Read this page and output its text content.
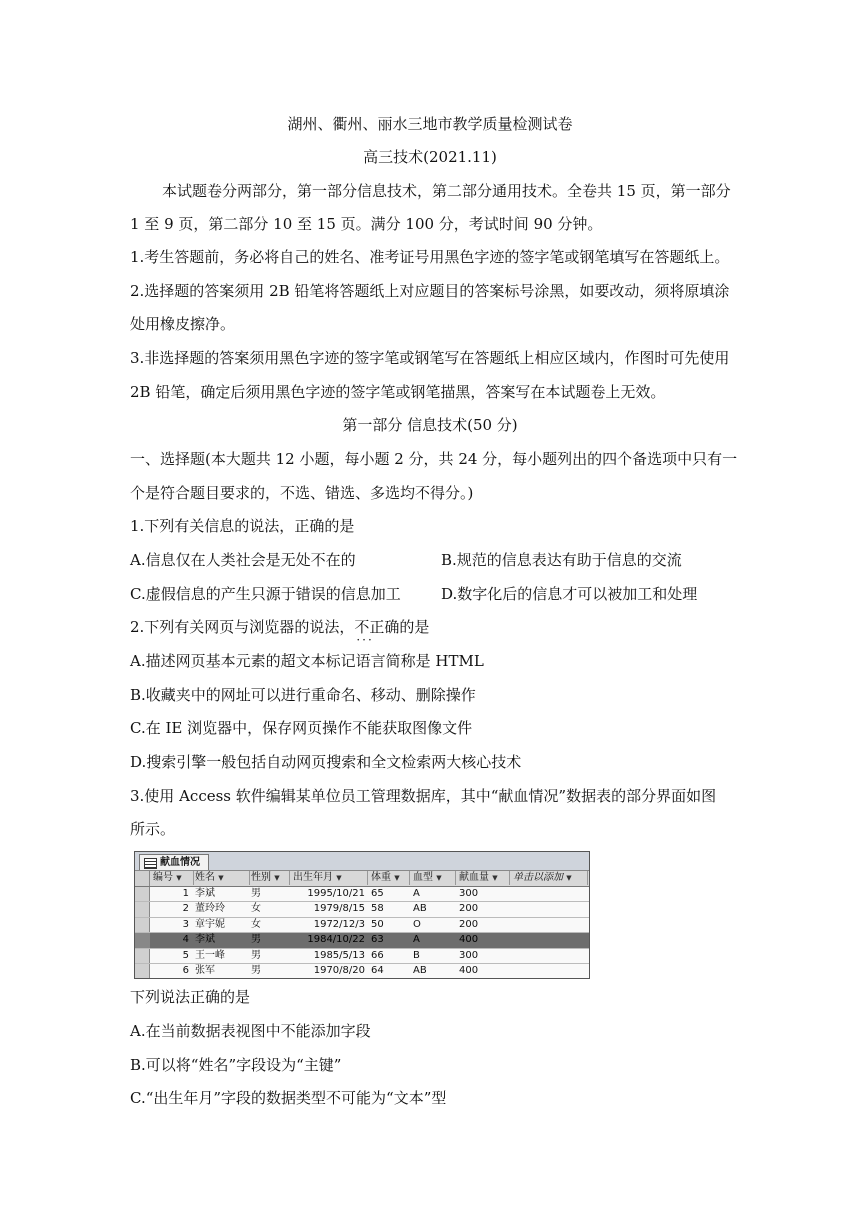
湖州、衢州、丽水三地市教学质量检测试卷
高三技术(2021.11)
本试题卷分两部分，第一部分信息技术，第二部分通用技术。全卷共 15 页，第一部分
1 至 9 页，第二部分 10 至 15 页。满分 100 分，考试时间 90 分钟。
1.考生答题前，务必将自己的姓名、准考证号用黑色字迹的签字笔或钢笔填写在答题纸上。
2.选择题的答案须用 2B 铅笔将答题纸上对应题目的答案标号涂黑，如要改动，须将原填涂
处用橡皮擦净。
3.非选择题的答案须用黑色字迹的签字笔或钢笔写在答题纸上相应区域内，作图时可先使用
2B 铅笔，确定后须用黑色字迹的签字笔或钢笔描黑，答案写在本试题卷上无效。
第一部分 信息技术(50 分)
一、选择题(本大题共 12 小题，每小题 2 分，共 24 分，每小题列出的四个备选项中只有一
个是符合题目要求的，不选、错选、多选均不得分。)
1.下列有关信息的说法，正确的是
A.信息仅在人类社会是无处不在的	B.规范的信息表达有助于信息的交流
C.虚假信息的产生只源于错误的信息加工	D.数字化后的信息才可以被加工和处理
2.下列有关网页与浏览器的说法，不正确 ···的是
A.描述网页基本元素的超文本标记语言简称是 HTML
B.收藏夹中的网址可以进行重命名、移动、删除操作
C.在 IE 浏览器中，保存网页操作不能获取图像文件
D.搜索引擎一般包括自动网页搜索和全文检索两大核心技术
3.使用 Access 软件编辑某单位员工管理数据库，其中“献血情况”数据表的部分界面如图
所示。
献血情况
编号 ▼	姓名 ▼	性别 ▼	出生年月 ▼	体重 ▼	血型 ▼	献血量 ▼	单击以添加 ▼
1 李斌	男	1995/10/21 65	A	300
2 董玲玲	女	1979/8/15 58	AB	200
3 章宇妮	女	1972/12/3 50	O	200
4 李斌	男	1984/10/22 63	A	400
5 王一峰	男	1985/5/13 66	B	300
6 张军	男	1970/8/20 64	AB	400
下列说法正确的是
A.在当前数据表视图中不能添加字段
B.可以将“姓名”字段设为“主键”
C.“出生年月”字段的数据类型不可能为“文本”型
